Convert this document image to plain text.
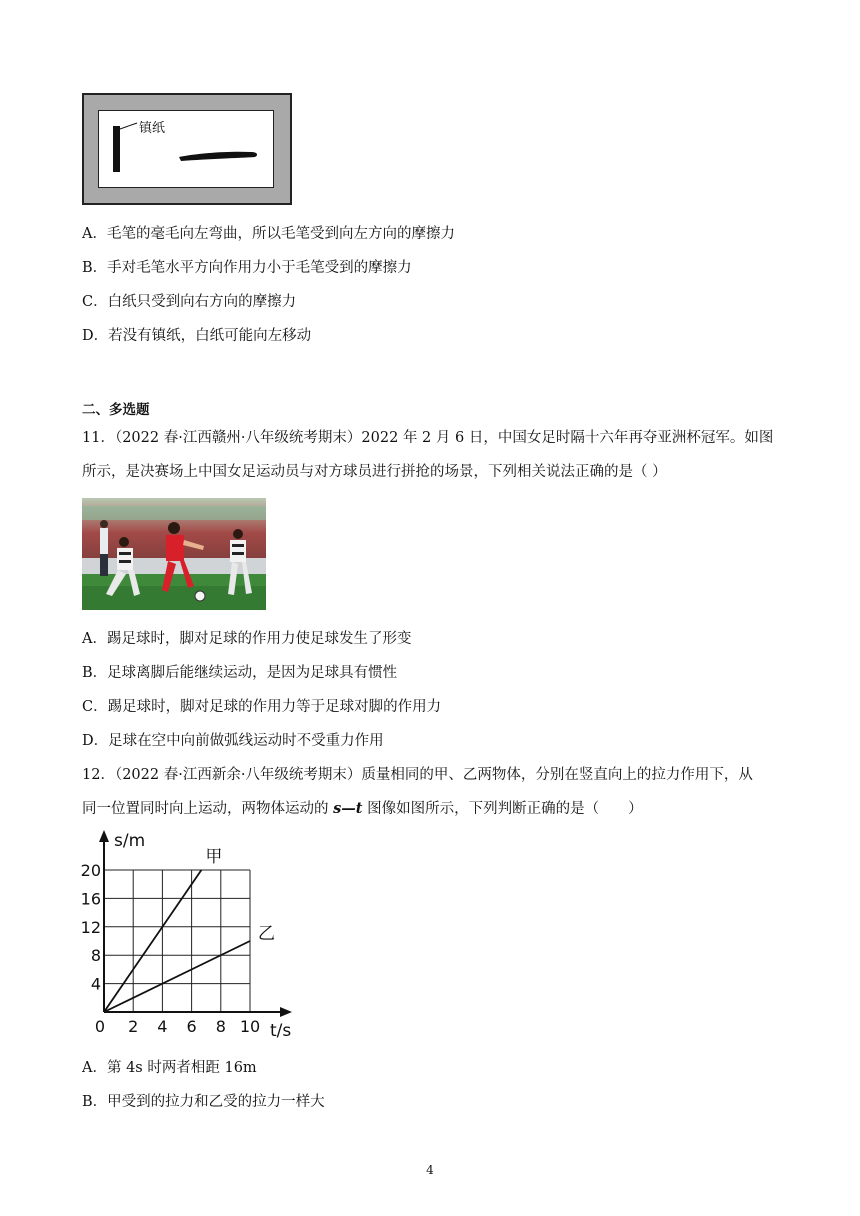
镇纸
A．毛笔的毫毛向左弯曲，所以毛笔受到向左方向的摩擦力
B．手对毛笔水平方向作用力小于毛笔受到的摩擦力
C．白纸只受到向右方向的摩擦力
D．若没有镇纸，白纸可能向左移动
二、多选题
11．（2022 春·江西赣州·八年级统考期末）2022 年 2 月 6 日，中国女足时隔十六年再夺亚洲杯冠军。如图
所示，是决赛场上中国女足运动员与对方球员进行拼抢的场景，下列相关说法正确的是（ ）
A．踢足球时，脚对足球的作用力使足球发生了形变
B．足球离脚后能继续运动，是因为足球具有惯性
C．踢足球时，脚对足球的作用力等于足球对脚的作用力
D．足球在空中向前做弧线运动时不受重力作用
12．（2022 春·江西新余·八年级统考期末）质量相同的甲、乙两物体，分别在竖直向上的拉力作用下，从
同一位置同时向上运动，两物体运动的 s—t 图像如图所示，下列判断正确的是（　　）
s/m
t/s
0 2 4 6 8 10
4
8
12
16
20
甲
乙
A．第 4s 时两者相距 16m
B．甲受到的拉力和乙受的拉力一样大
4
